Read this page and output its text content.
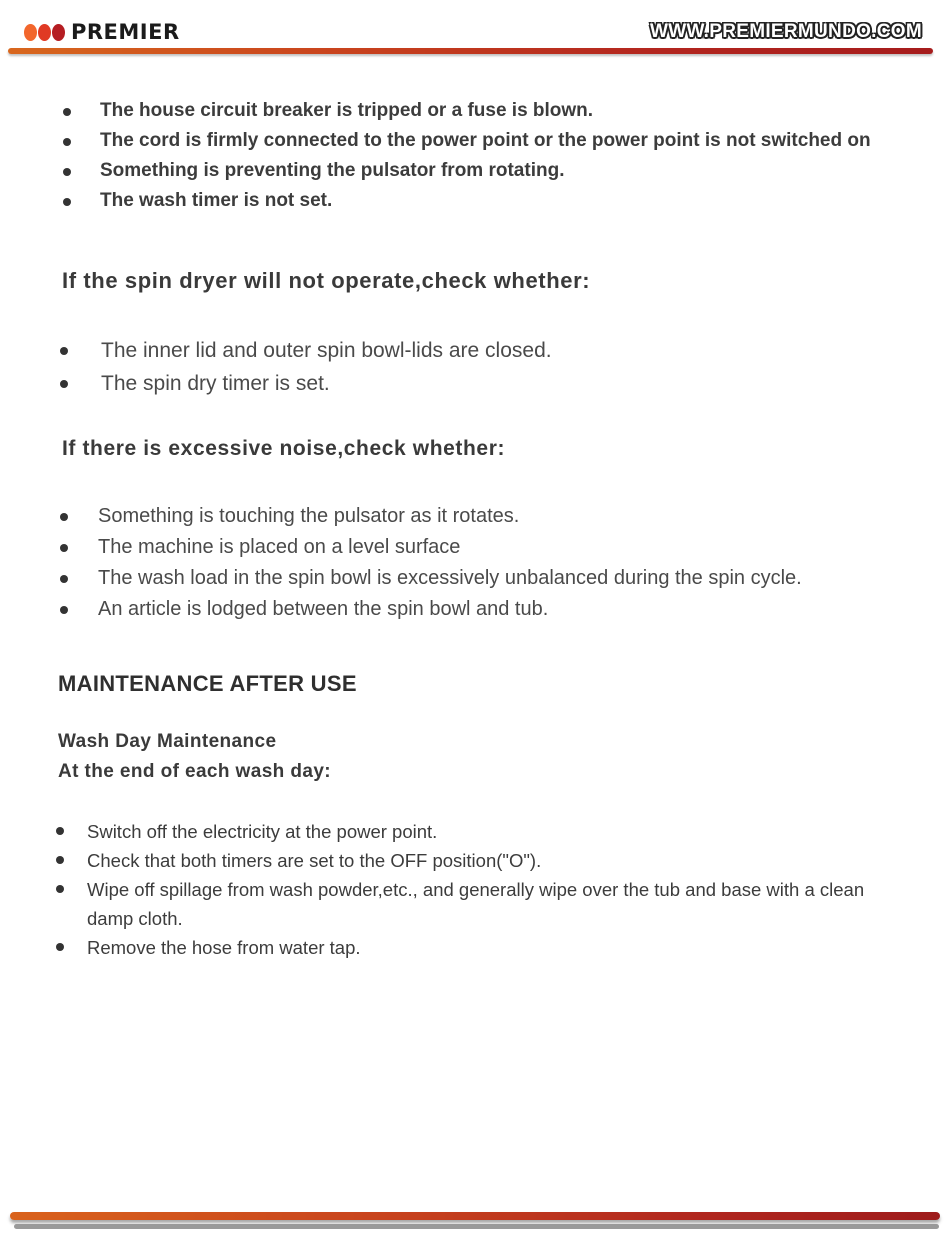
PREMIER	WWW.PREMIERMUNDO.COM
The house circuit breaker is tripped or a fuse is blown.
The cord is firmly connected to the power point or the power point is not switched on
Something is preventing the pulsator from rotating.
The wash timer is not set.
If the spin dryer will not operate,check whether:
The inner lid and outer spin bowl-lids are closed.
The spin dry timer is set.
If there is excessive noise,check whether:
Something is touching the pulsator as it rotates.
The machine is placed on a level surface
The wash load in the spin bowl is excessively unbalanced during the spin cycle.
An article is lodged between the spin bowl and tub.
MAINTENANCE AFTER USE
Wash Day Maintenance
At the end of each wash day:
Switch off the electricity at the power point.
Check that both timers are set to the OFF position("O").
Wipe off spillage from wash powder,etc., and generally wipe over the tub and base with a clean damp cloth.
Remove the hose from water tap.
